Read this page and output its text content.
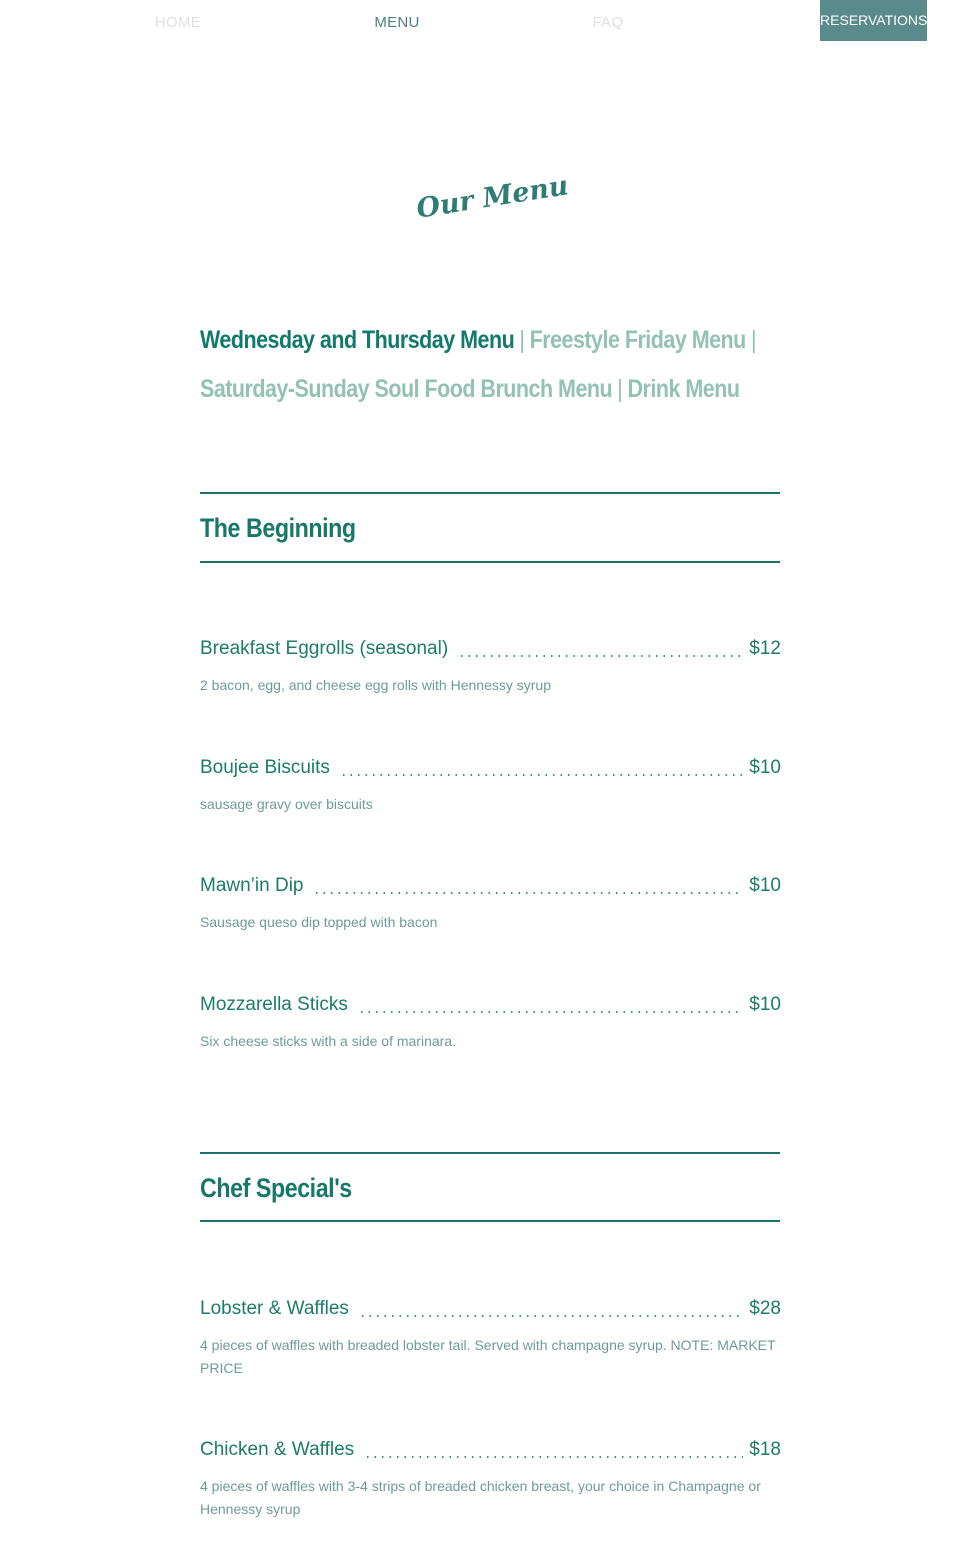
HOME	MENU	FAQ	RESERVATIONS
Our Menu
Wednesday and Thursday Menu | Freestyle Friday Menu |
Saturday-Sunday Soul Food Brunch Menu | Drink Menu
The Beginning
Breakfast Eggrolls (seasonal)	$12

2 bacon, egg, and cheese egg rolls with Hennessy syrup

Boujee Biscuits	$10

sausage gravy over biscuits

Mawn’in Dip	$10

Sausage queso dip topped with bacon

Mozzarella Sticks	$10

Six cheese sticks with a side of marinara.

Chef Special's
Lobster & Waffles	$28

4 pieces of waffles with breaded lobster tail. Served with champagne syrup. NOTE: MARKET PRICE

Chicken & Waffles	$18

4 pieces of waffles with 3-4 strips of breaded chicken breast, your choice in Champagne or Hennessy syrup
